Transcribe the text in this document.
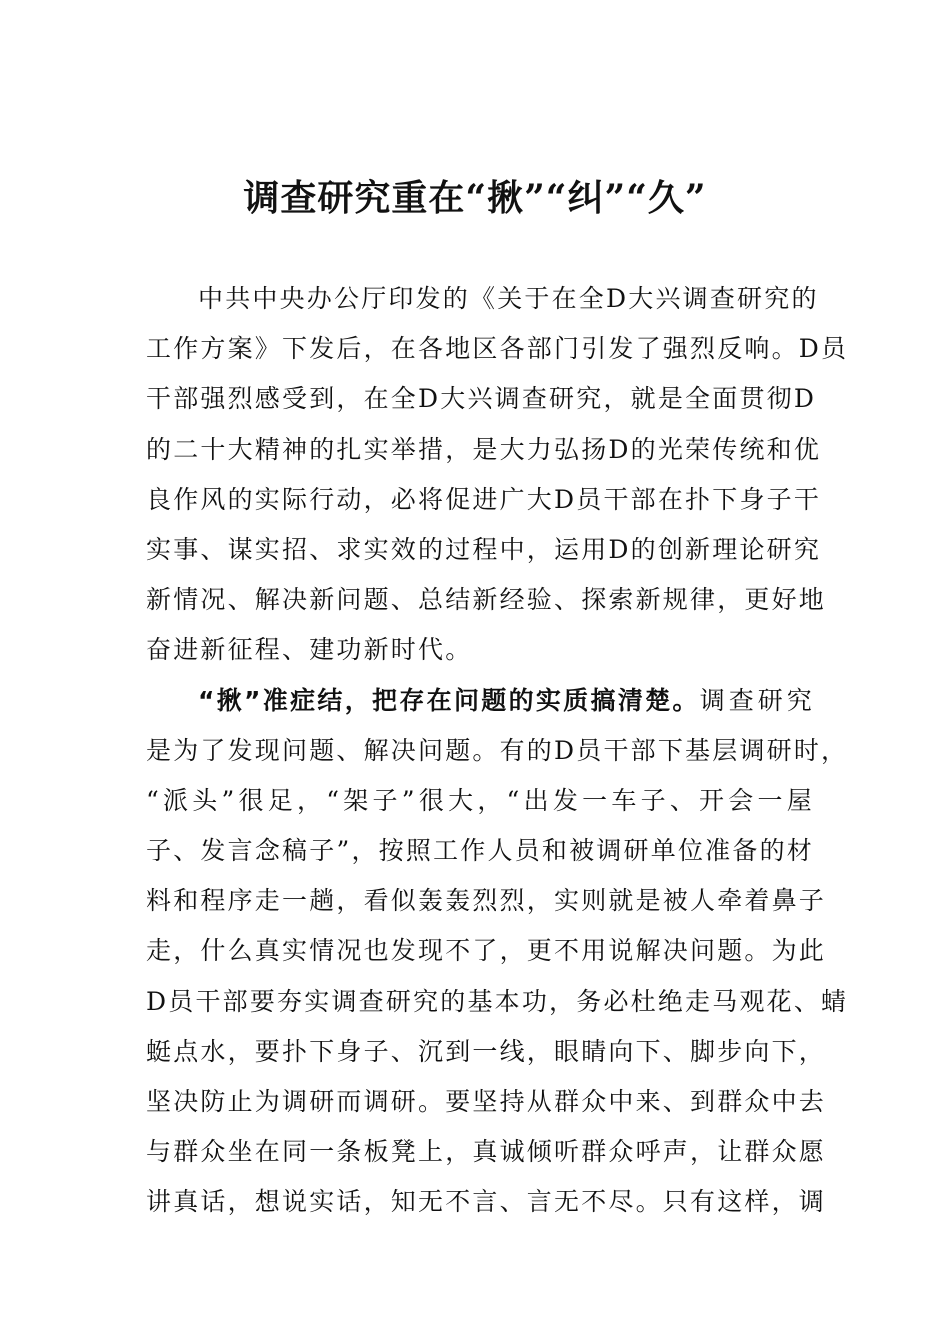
调查研究重在“揪”“纠”“久”
中共中央办公厅印发的《关于在全D大兴调查研究的
工作方案》下发后，在各地区各部门引发了强烈反响。D员
干部强烈感受到，在全D大兴调查研究，就是全面贯彻D
的二十大精神的扎实举措，是大力弘扬D的光荣传统和优
良作风的实际行动，必将促进广大D员干部在扑下身子干
实事、谋实招、求实效的过程中，运用D的创新理论研究
新情况、解决新问题、总结新经验、探索新规律，更好地
奋进新征程、建功新时代。
“揪”准症结，把存在问题的实质搞清楚。调查研究
是为了发现问题、解决问题。有的D员干部下基层调研时，
“派头”很足，“架子”很大，“出发一车子、开会一屋
子、发言念稿子”，按照工作人员和被调研单位准备的材
料和程序走一趟，看似轰轰烈烈，实则就是被人牵着鼻子
走，什么真实情况也发现不了，更不用说解决问题。为此
D员干部要夯实调查研究的基本功，务必杜绝走马观花、蜻
蜓点水，要扑下身子、沉到一线，眼睛向下、脚步向下，
坚决防止为调研而调研。要坚持从群众中来、到群众中去
与群众坐在同一条板凳上，真诚倾听群众呼声，让群众愿
讲真话，想说实话，知无不言、言无不尽。只有这样，调
